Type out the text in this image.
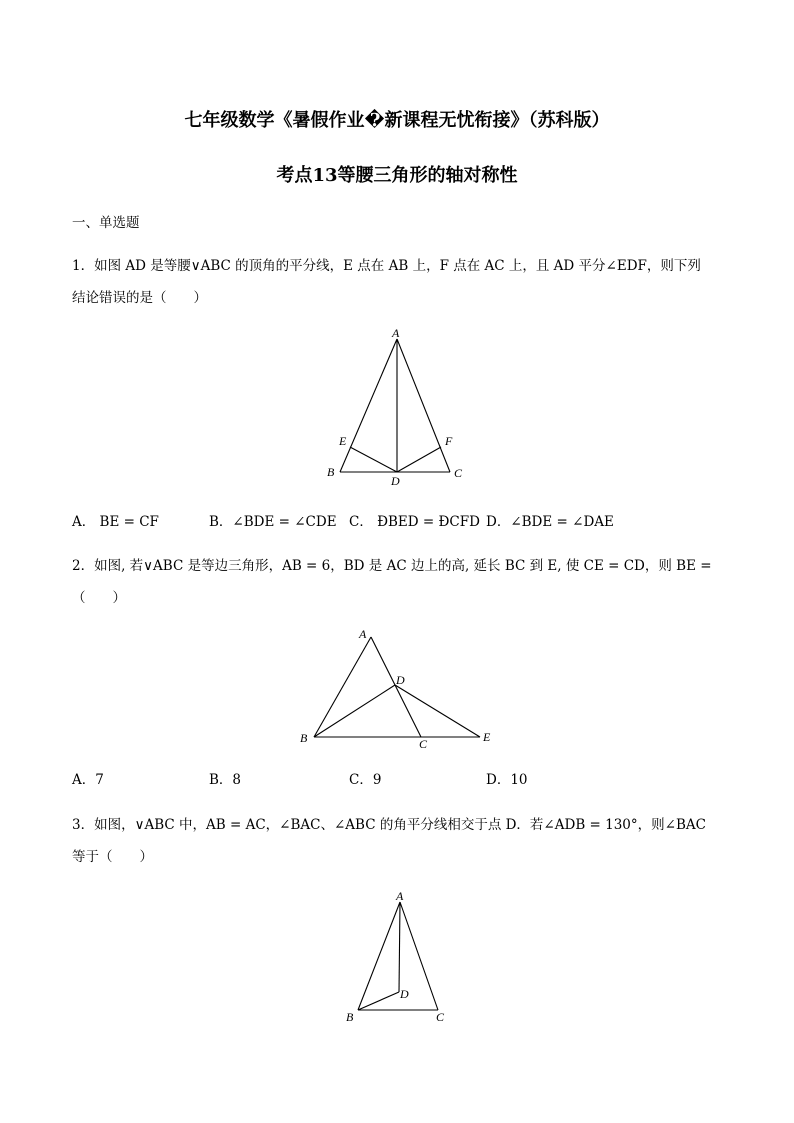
七年级数学《暑假作业�新课程无忧衔接》（苏科版）
考点13等腰三角形的轴对称性
一、单选题
1．如图 AD 是等腰∨ABC 的顶角的平分线，E 点在 AB 上，F 点在 AC 上，且 AD 平分∠EDF，则下列
结论错误的是（　　）
A
E	F
B
D
C
A． BE = CF	B．∠BDE = ∠CDE C． ÐBED = ÐCFD D．∠BDE = ∠DAE
2．如图, 若∨ABC 是等边三角形，AB = 6，BD 是 AC 边上的高, 延长 BC 到 E, 使 CE = CD，则 BE =
（　　）
A
D
B	C	E
A．7	B．8	C．9	D．10
3．如图，∨ABC 中，AB = AC，∠BAC、∠ABC 的角平分线相交于点 D．若∠ADB = 130°，则∠BAC
等于（　　）
A
D
B	C
